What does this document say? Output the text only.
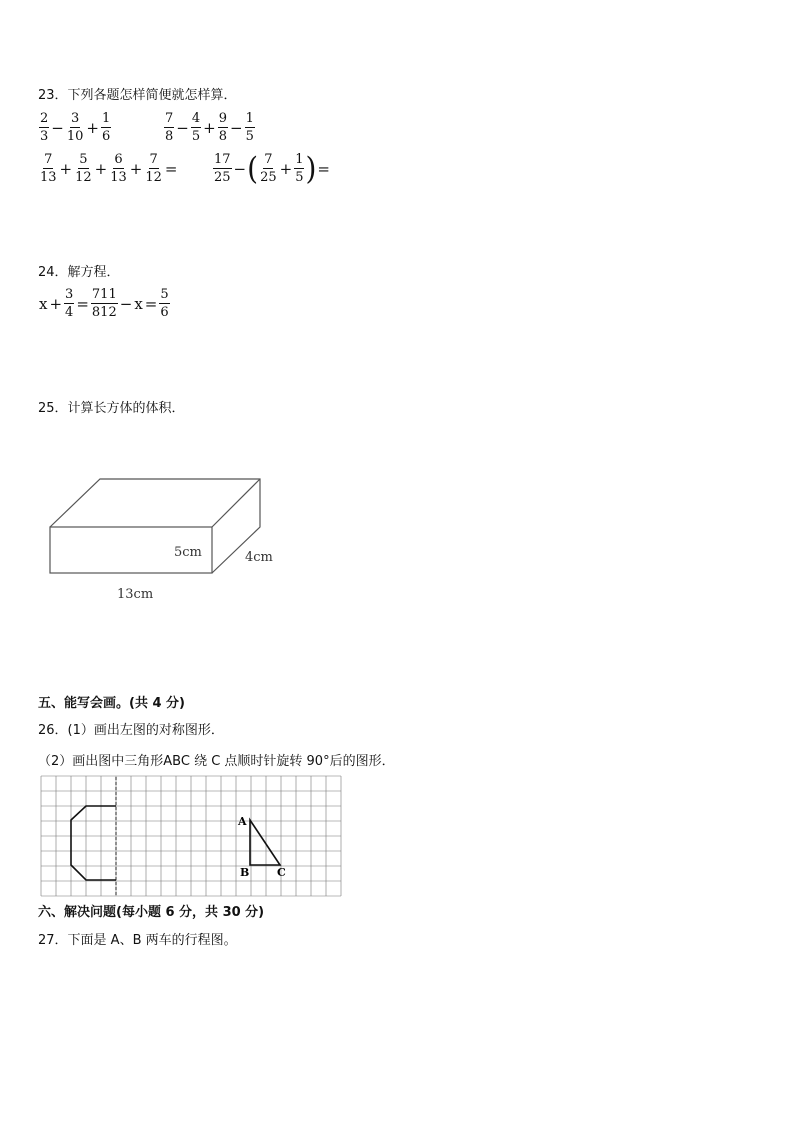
23．下列各题怎样简便就怎样算．
$\frac{2}{3} - \frac{3}{10} + \frac{1}{6}$	$\frac{7}{8} - \frac{4}{5} + \frac{9}{8} - \frac{1}{5}$
$\frac{7}{13} + \frac{5}{12} + \frac{6}{13} + \frac{7}{12}$ =	$\frac{17}{25}$ − ( $\frac{7}{25} + \frac{1}{5}$ ) =
24．解方程．
$x + \frac{3}{4} = \frac{711}{812} - x = \frac{5}{6}$
25．计算长方体的体积．
5cm	4cm
13cm
五、能写会画。(共 4 分)
26．(1）画出左图的对称图形．
（2）画出图中三角形ABC 绕 C 点顺时针旋转 90°后的图形．
A
B	C
六、解决问题(每小题 6 分，共 30 分)
27．下面是 A、B 两车的行程图。
